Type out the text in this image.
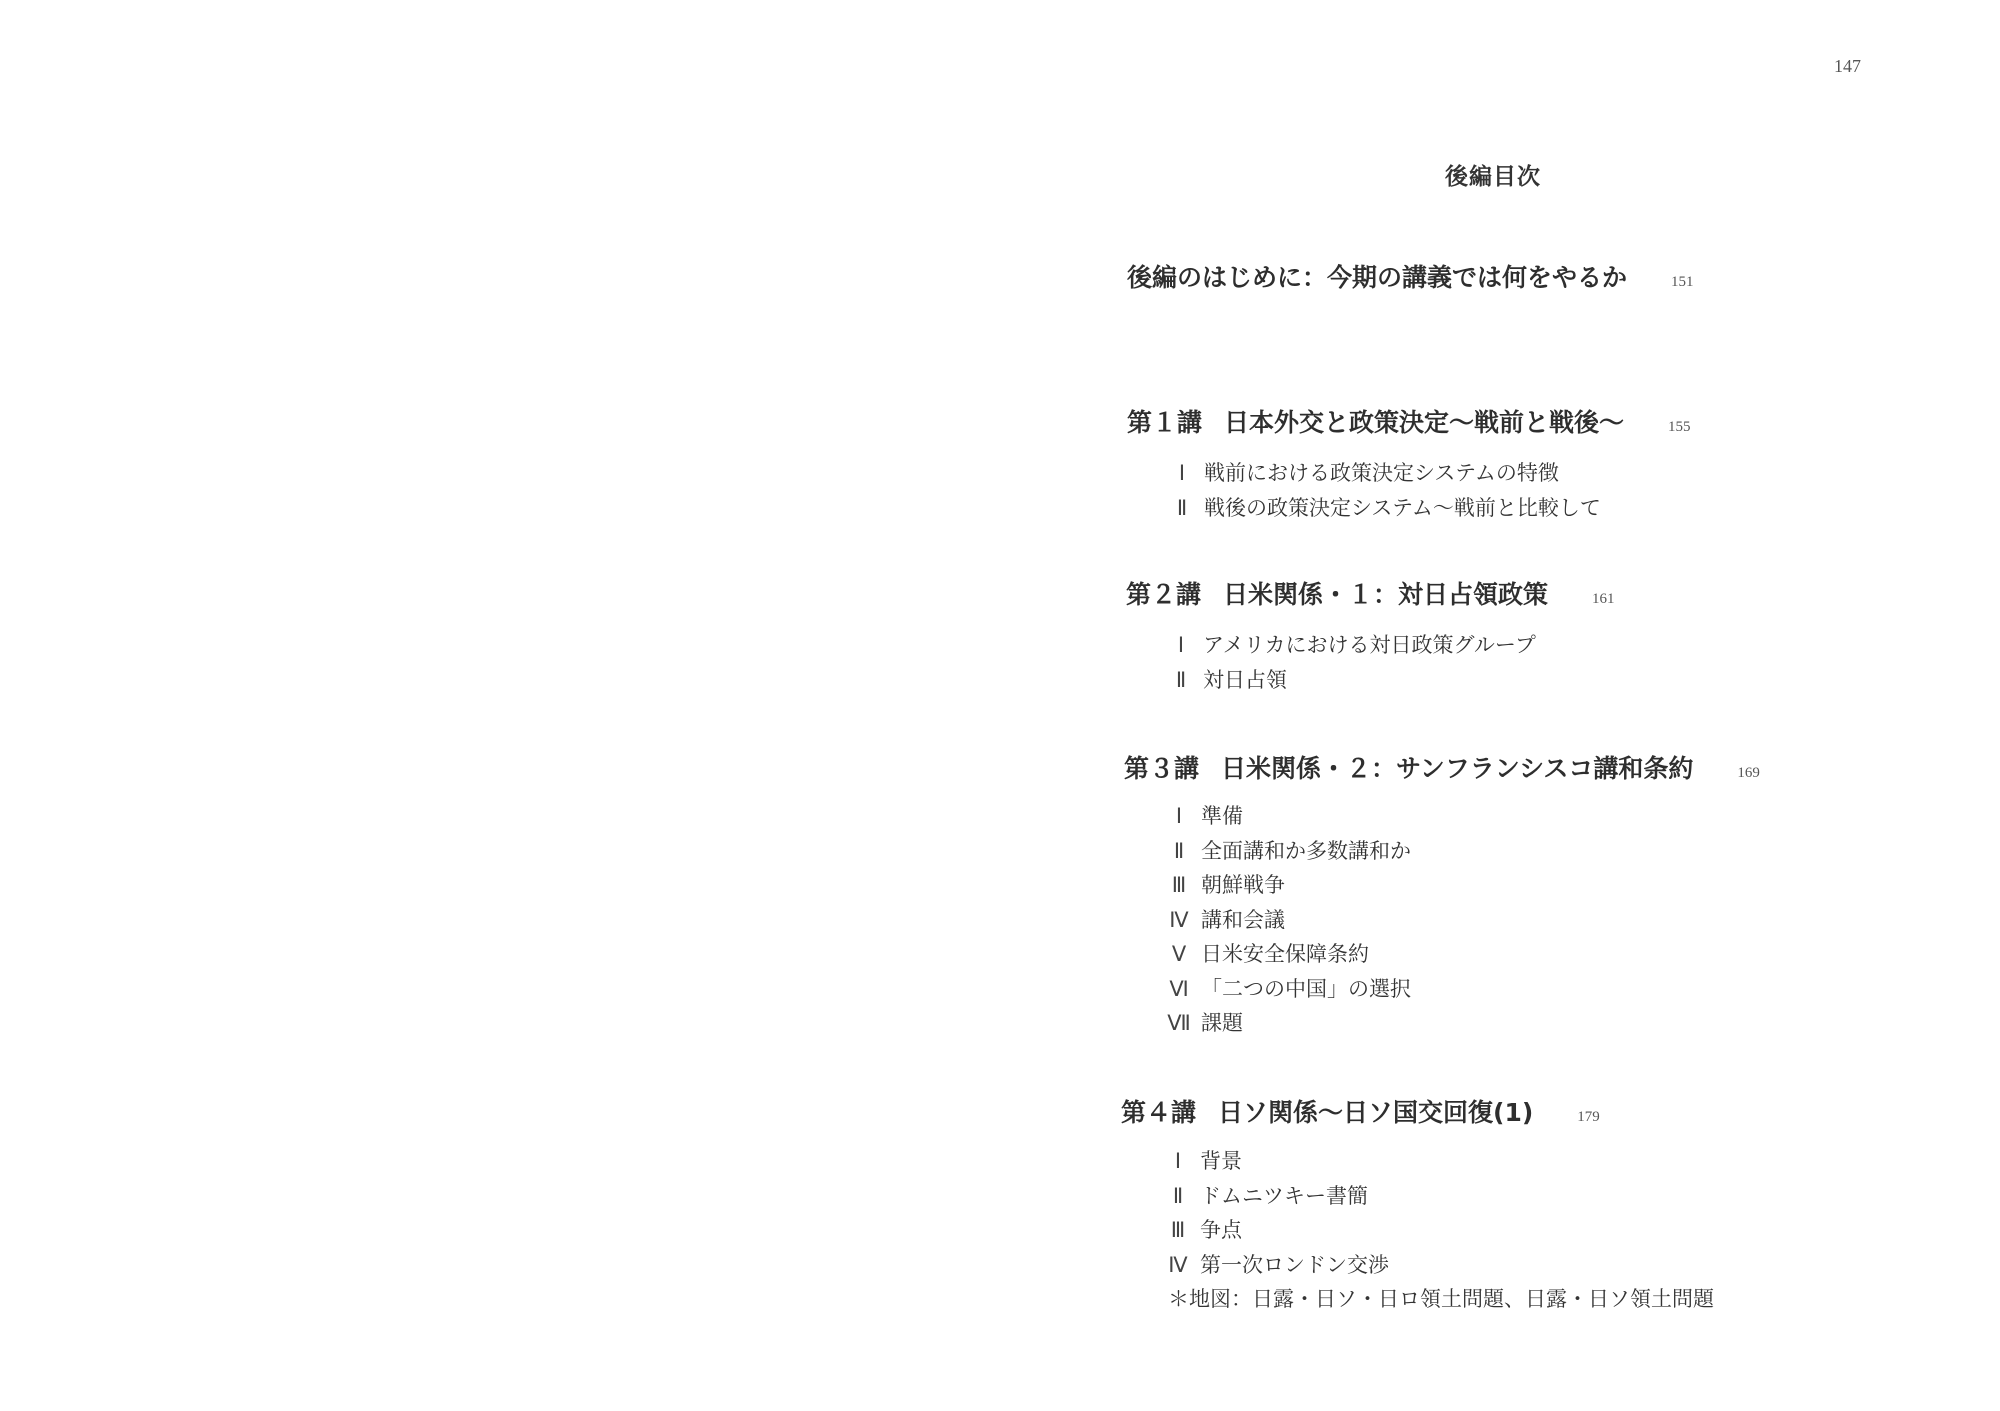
147
後編目次
後編のはじめに：今期の講義では何をやるか	151
第１講 日本外交と政策決定～戦前と戦後～	155
Ⅰ 戦前における政策決定システムの特徴
Ⅱ 戦後の政策決定システム～戦前と比較して
第２講 日米関係・１：対日占領政策	161
Ⅰ アメリカにおける対日政策グループ
Ⅱ 対日占領
第３講 日米関係・２：サンフランシスコ講和条約	169
Ⅰ 準備
Ⅱ 全面講和か多数講和か
Ⅲ 朝鮮戦争
Ⅳ 講和会議
Ⅴ 日米安全保障条約
Ⅵ 「二つの中国」の選択
Ⅶ 課題
第４講 日ソ関係～日ソ国交回復(1)	179
Ⅰ 背景
Ⅱ ドムニツキー書簡
Ⅲ 争点
Ⅳ 第一次ロンドン交渉
＊地図：日露・日ソ・日ロ領土問題、日露・日ソ領土問題
